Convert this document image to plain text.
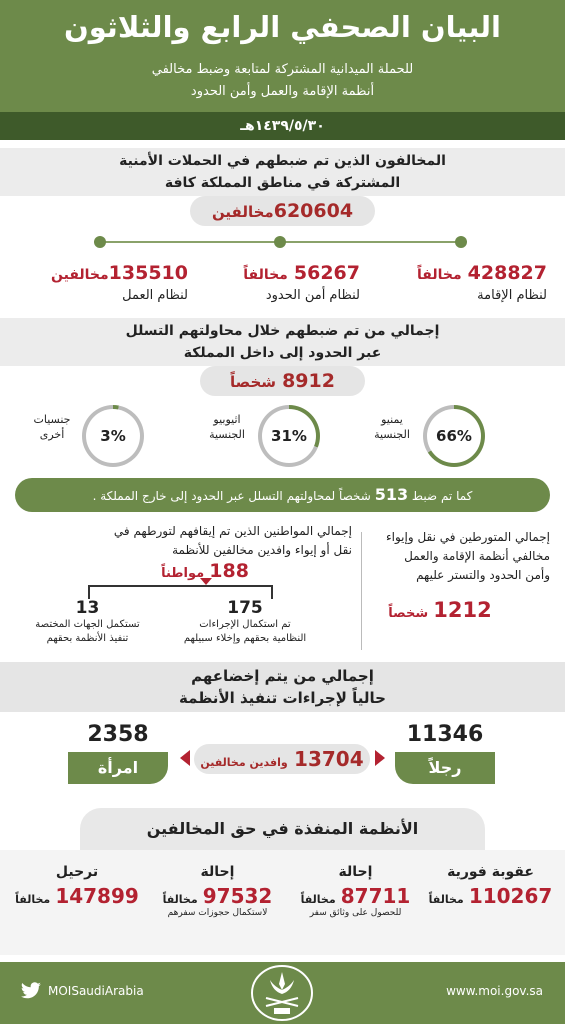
البيان الصحفي الرابع والثلاثون
للحملة الميدانية المشتركة لمتابعة وضبط مخالفي
أنظمة الإقامة والعمل وأمن الحدود
١٤٣٩/٥/٣٠هـ
المخالفون الذين تم ضبطهم في الحملات الأمنية
المشتركة في مناطق المملكة كافة
620604مخالفين
428827 مخالفاً
لنظام الإقامة
56267 مخالفاً
لنظام أمن الحدود
135510مخالفين
لنظام العمل
إجمالي من تم ضبطهم خلال محاولتهم التسلل
عبر الحدود إلى داخل المملكة
8912 شخصاً
يمنيو
الجنسية	66%
اثيوبيو
الجنسية	31%
جنسيات
أخرى	3%
كما تم ضبط 513 شخصاً لمحاولتهم التسلل عبر الحدود إلى خارج المملكة .
إجمالي المتورطين في نقل وإيواء
مخالفي أنظمة الإقامة والعمل
وأمن الحدود والتستر عليهم
1212 شخصاً
إجمالي المواطنين الذين تم إيقافهم لتورطهم في
نقل أو إيواء وافدين مخالفين للأنظمة
188 مواطناً
175
تم استكمال الإجراءات
النظامية بحقهم وإخلاء سبيلهم
13
تستكمل الجهات المختصة
تنفيذ الأنظمة بحقهم
إجمالي من يتم إخضاعهم
حالياً لإجراءات تنفيذ الأنظمة
11346
رجلاً
2358
امرأة	13704 وافدين مخالفين
الأنظمة المنفذة في حق المخالفين
عقوبة فورية
110267 مخالفاً
إحالة
87711 مخالفاً
للحصول على وثائق سفر
إحالة
97532 مخالفاً
لاستكمال حجوزات سفرهم
ترحيل
147899 مخالفاً
MOISaudiArabia	www.moi.gov.sa
